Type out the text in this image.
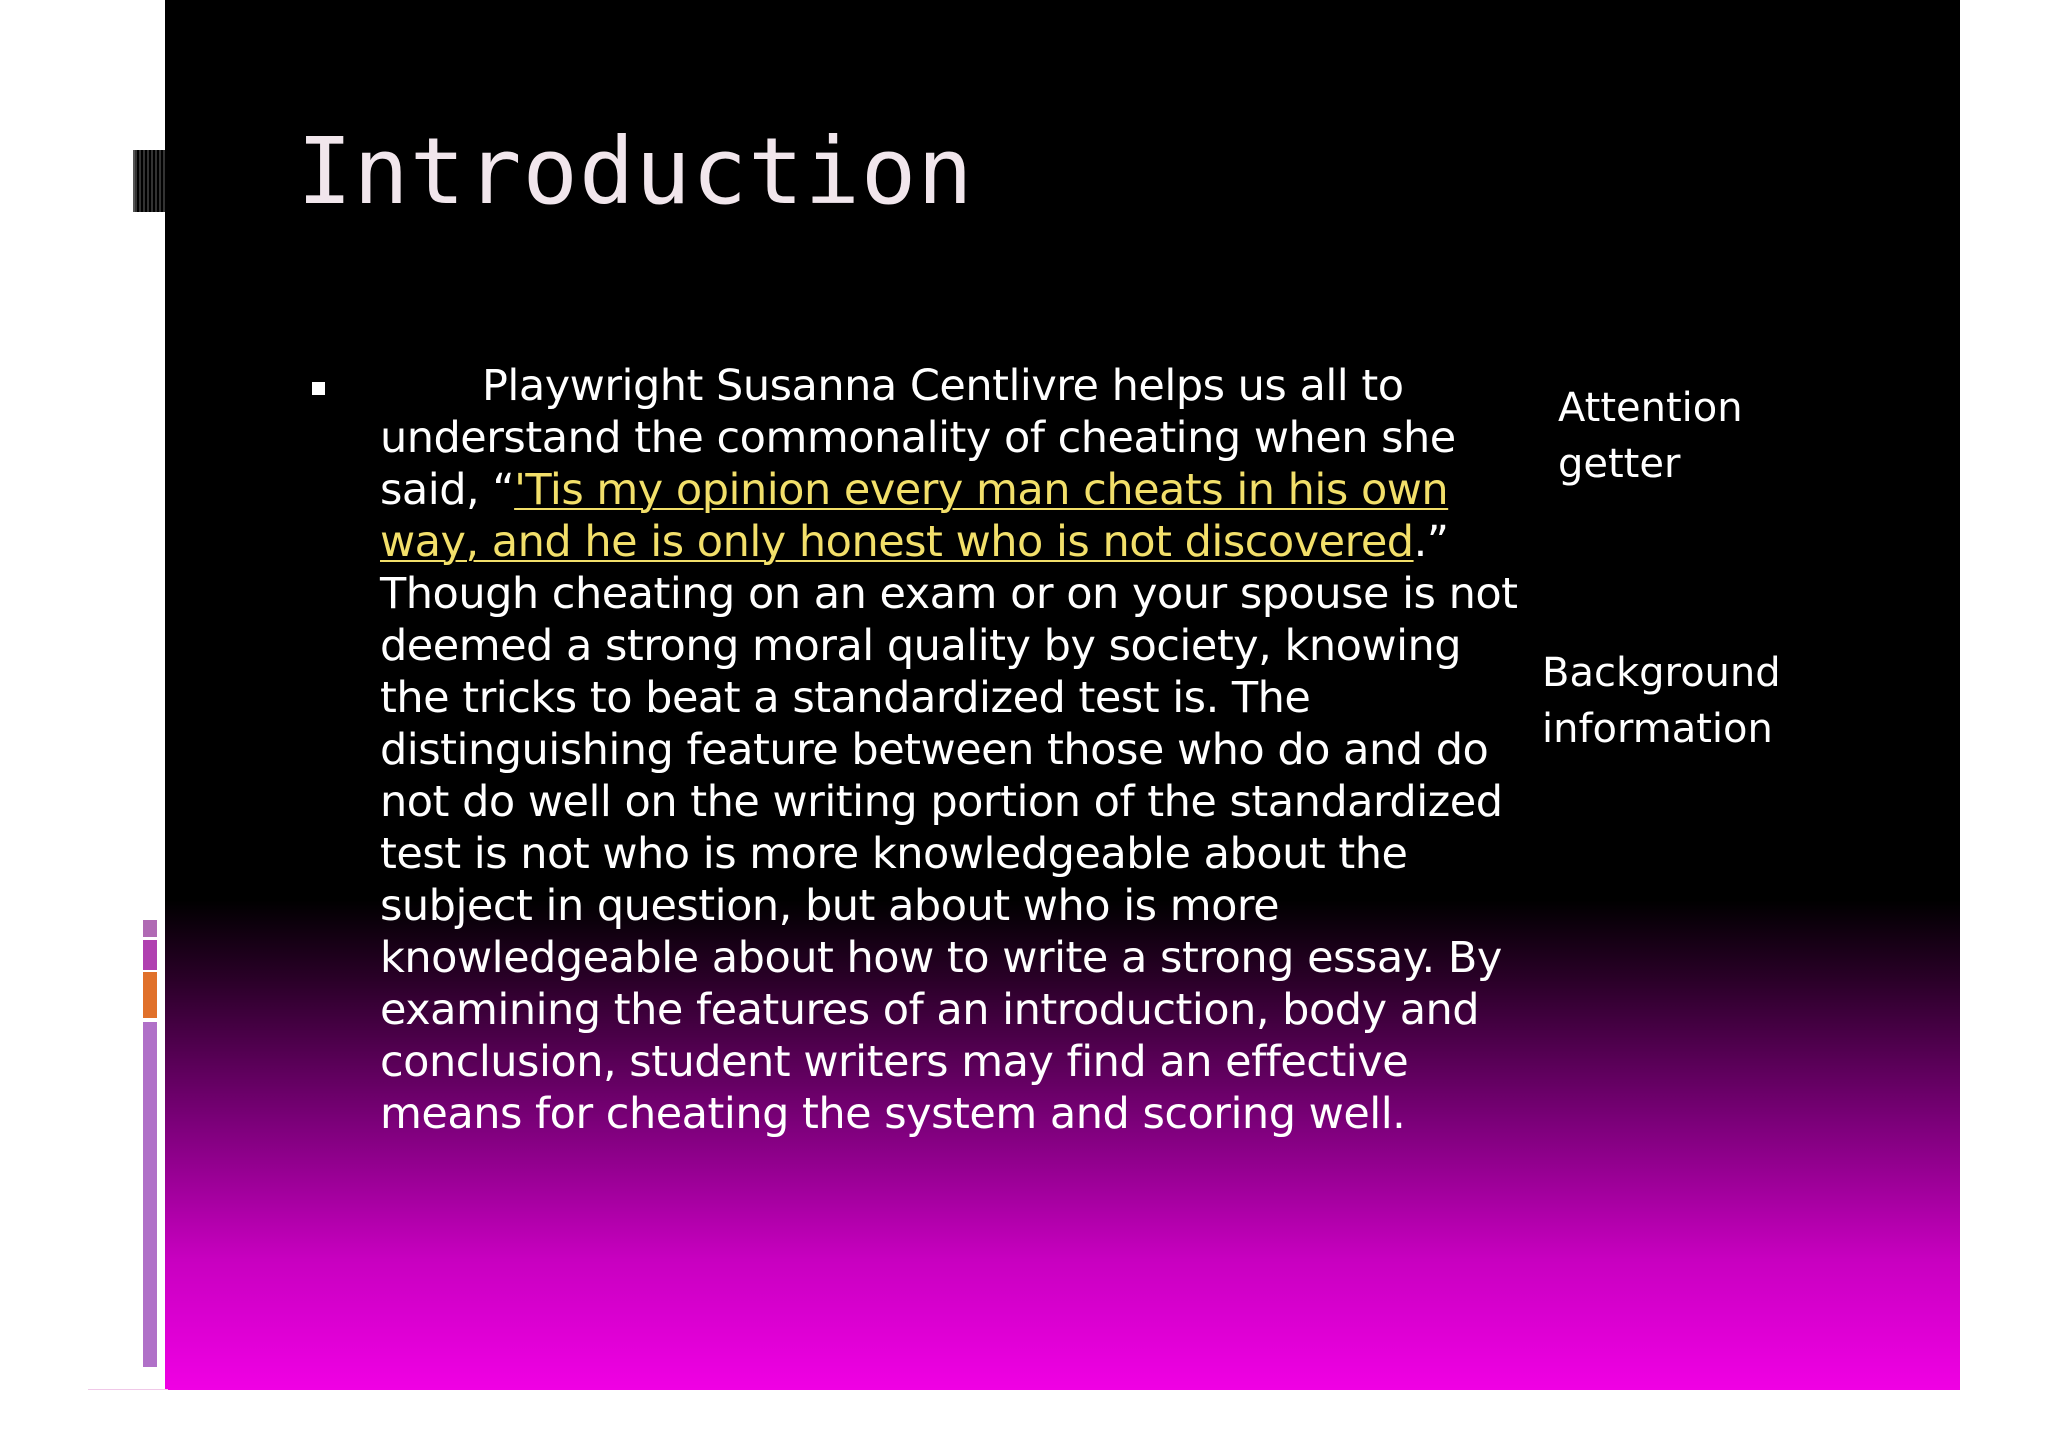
Introduction

Playwright Susanna Centlivre helps us all to understand the commonality of cheating when she said, “'Tis my opinion every man cheats in his own way, and he is only honest who is not discovered.” Though cheating on an exam or on your spouse is not deemed a strong moral quality by society, knowing the tricks to beat a standardized test is. The distinguishing feature between those who do and do not do well on the writing portion of the standardized test is not who is more knowledgeable about the subject in question, but about who is more knowledgeable about how to write a strong essay. By examining the features of an introduction, body and conclusion, student writers may find an effective means for cheating the system and scoring well.

Attention
getter

Background
information
